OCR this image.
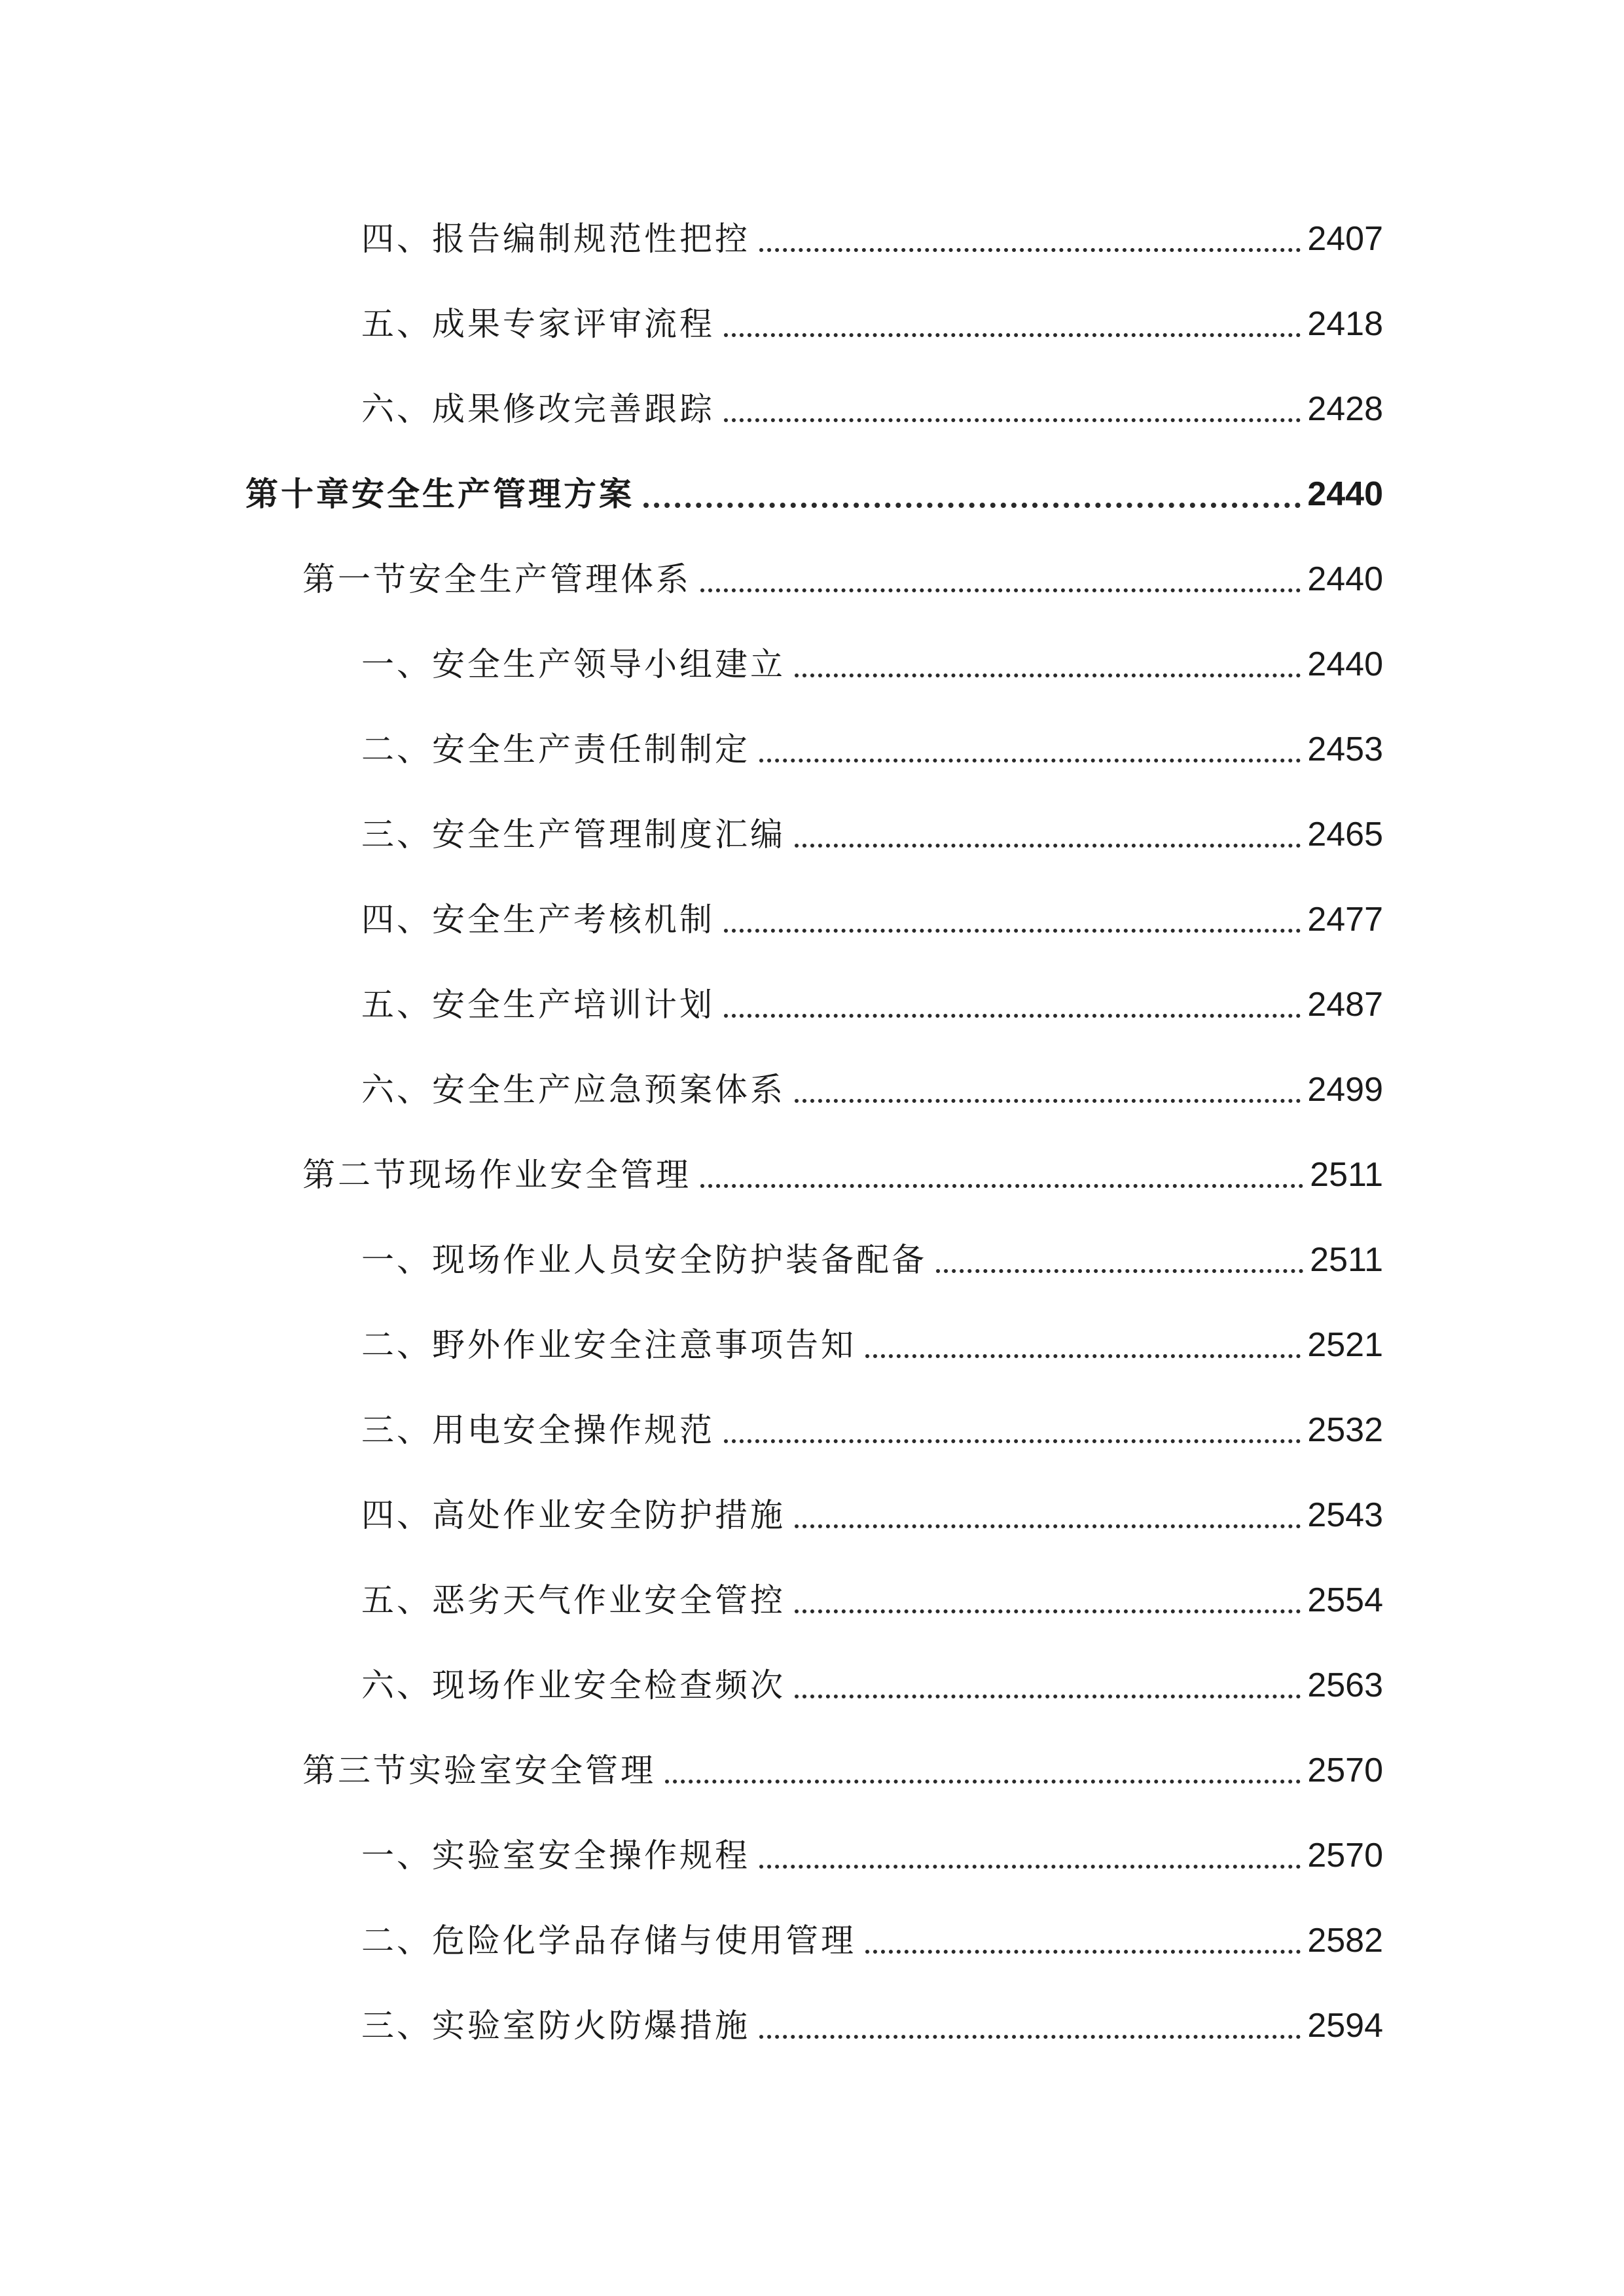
四、报告编制规范性把控	2407
五、成果专家评审流程	2418
六、成果修改完善跟踪	2428
第十章安全生产管理方案	2440
第一节安全生产管理体系	2440
一、安全生产领导小组建立	2440
二、安全生产责任制制定	2453
三、安全生产管理制度汇编	2465
四、安全生产考核机制	2477
五、安全生产培训计划	2487
六、安全生产应急预案体系	2499
第二节现场作业安全管理	2511
一、现场作业人员安全防护装备配备	2511
二、野外作业安全注意事项告知	2521
三、用电安全操作规范	2532
四、高处作业安全防护措施	2543
五、恶劣天气作业安全管控	2554
六、现场作业安全检查频次	2563
第三节实验室安全管理	2570
一、实验室安全操作规程	2570
二、危险化学品存储与使用管理	2582
三、实验室防火防爆措施	2594
